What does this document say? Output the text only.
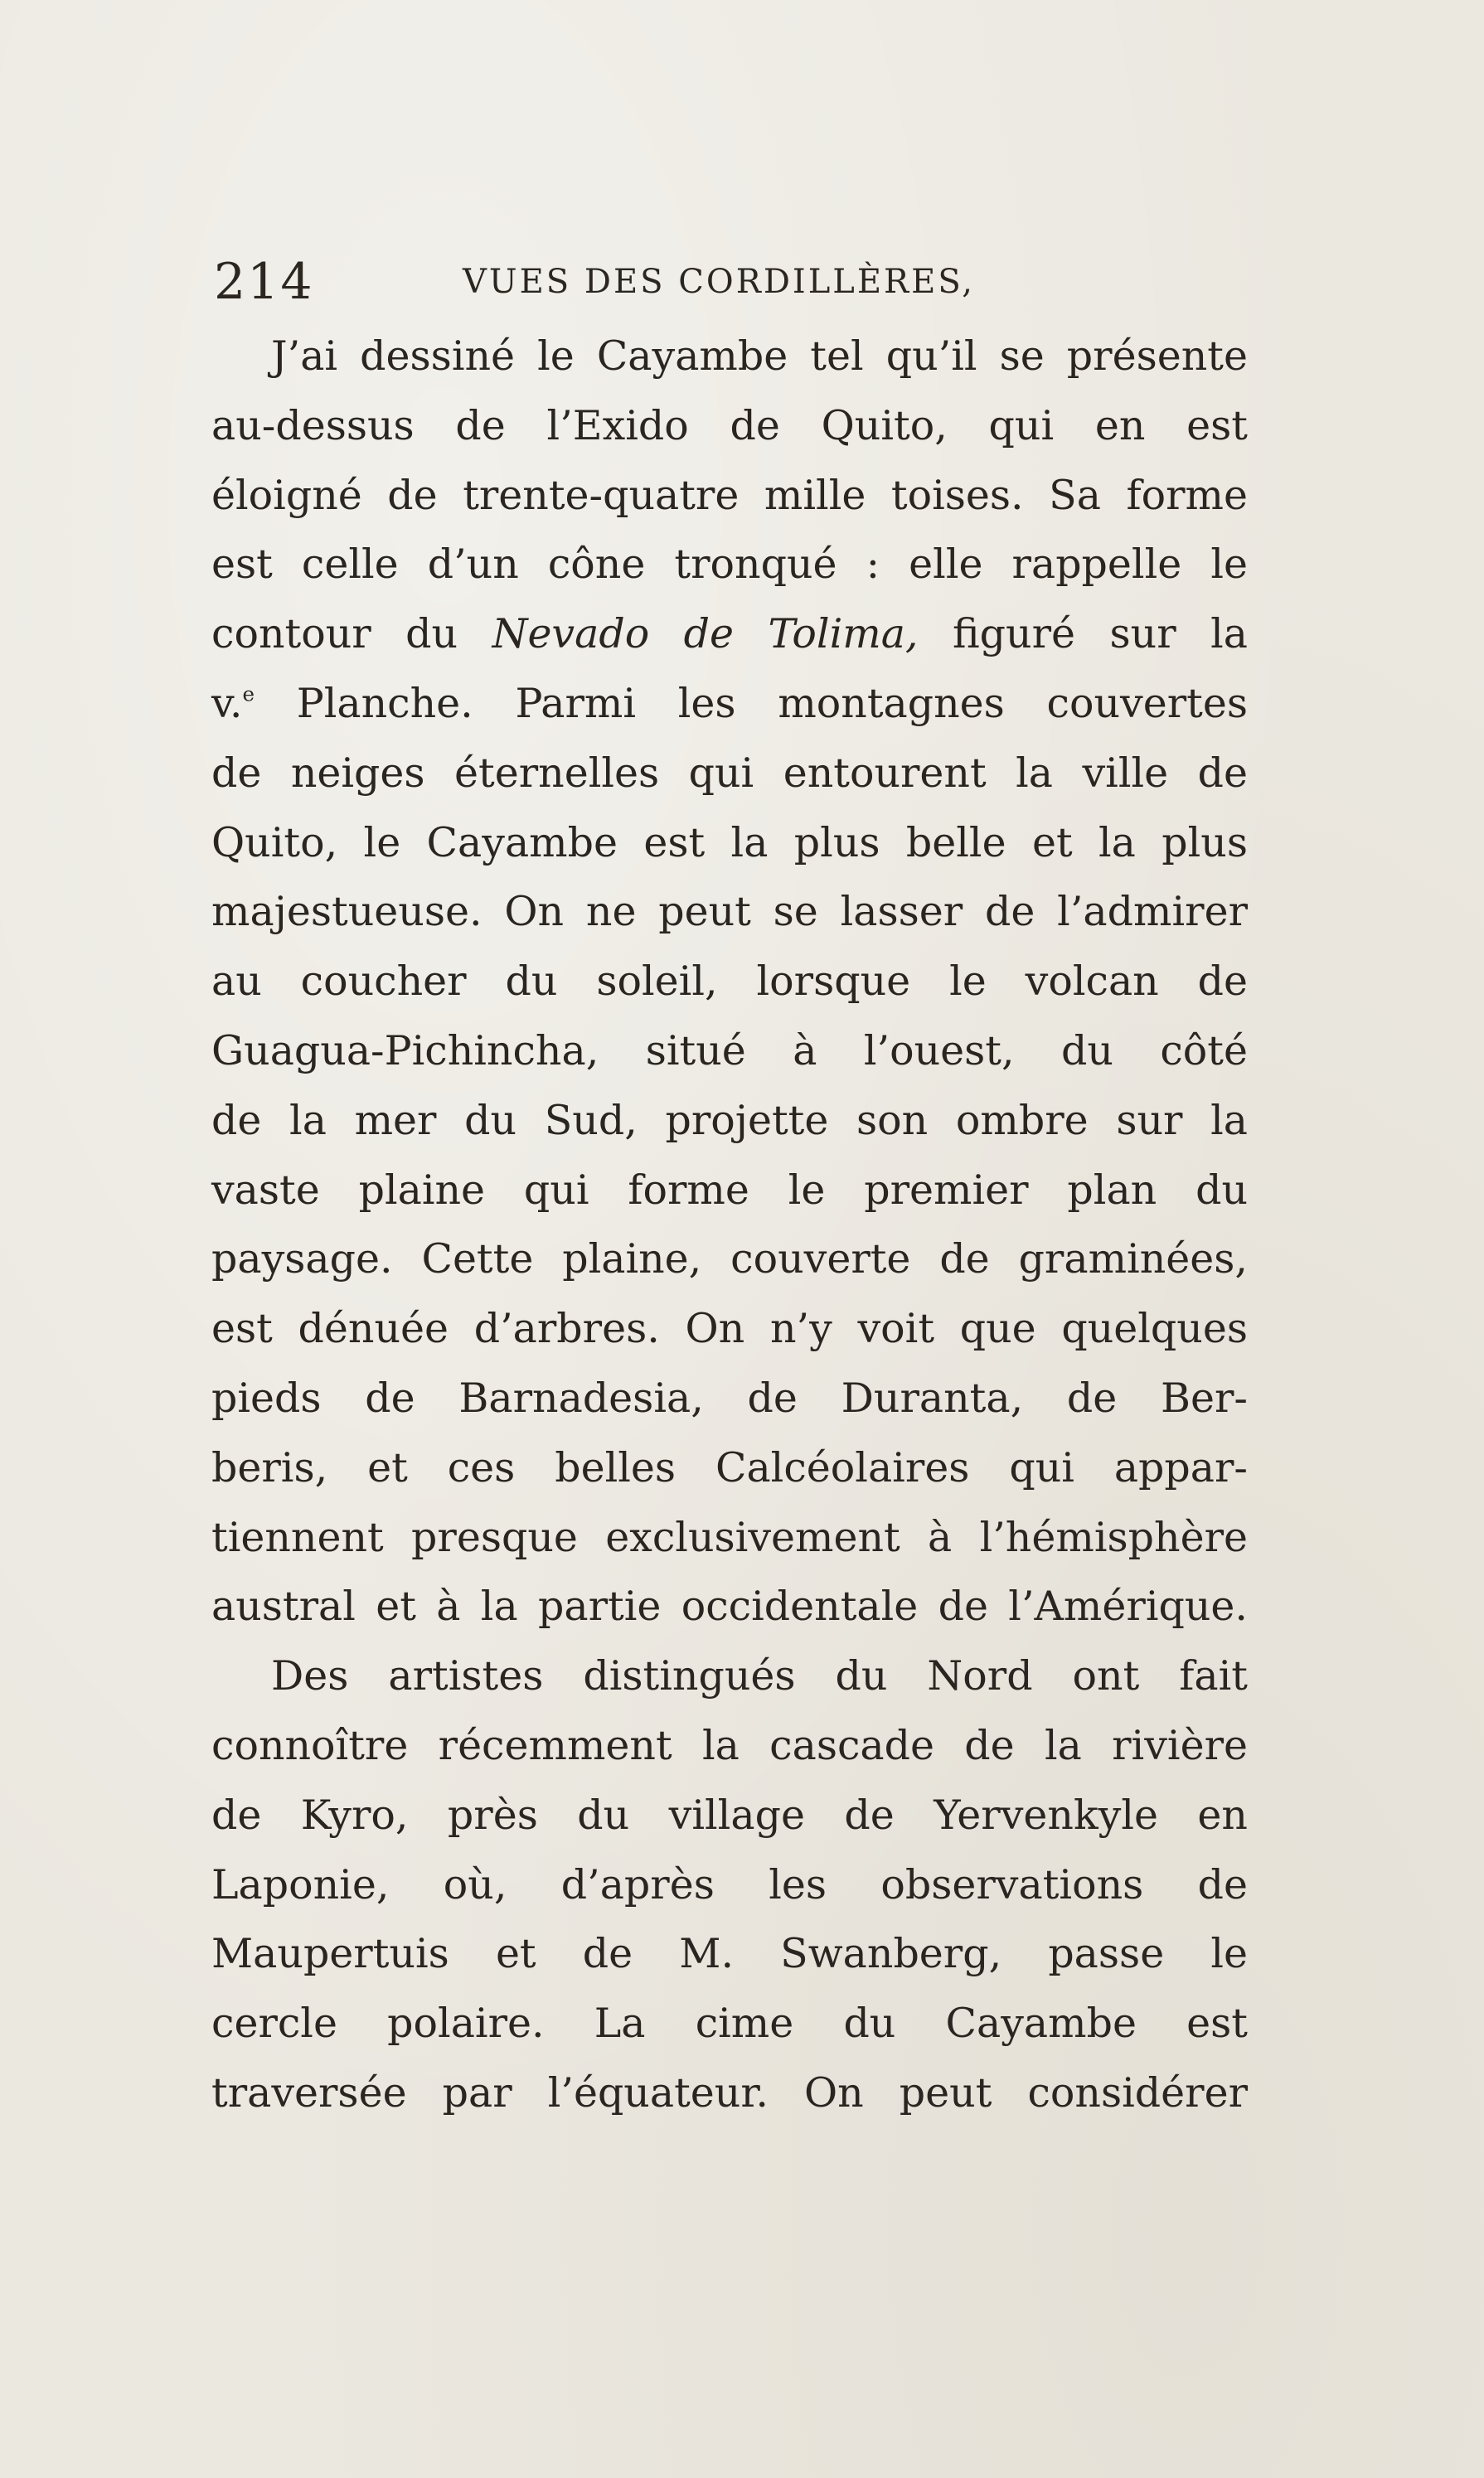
214	VUES DES CORDILLÈRES,
J’ai dessiné le Cayambe tel qu’il se présente
au-dessus de l’Exido de Quito, qui en est
éloigné de trente-quatre mille toises. Sa forme
est celle d’un cône tronqué : elle rappelle le
contour du Nevado de Tolima, figuré sur la
v.$^e$ Planche. Parmi les montagnes couvertes
de neiges éternelles qui entourent la ville de
Quito, le Cayambe est la plus belle et la plus
majestueuse. On ne peut se lasser de l’admirer
au coucher du soleil, lorsque le volcan de
Guagua-Pichincha, situé à l’ouest, du côté
de la mer du Sud, projette son ombre sur la
vaste plaine qui forme le premier plan du
paysage. Cette plaine, couverte de graminées,
est dénuée d’arbres. On n’y voit que quelques
pieds de Barnadesia, de Duranta, de Ber-
beris, et ces belles Calcéolaires qui appar-
tiennent presque exclusivement à l’hémisphère
austral et à la partie occidentale de l’Amérique.
Des artistes distingués du Nord ont fait
connoître récemment la cascade de la rivière
de Kyro, près du village de Yervenkyle en
Laponie, où, d’après les observations de
Maupertuis et de M. Swanberg, passe le
cercle polaire. La cime du Cayambe est
traversée par l’équateur. On peut considérer
